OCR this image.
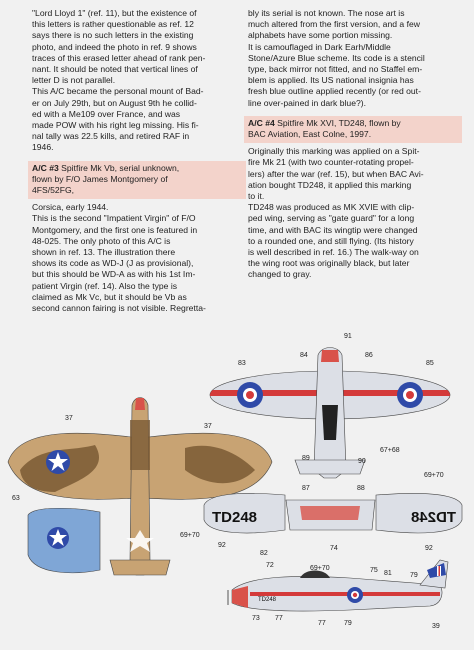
"Lord Lloyd 1" (ref. 11), but the existence of
this letters is rather questionable as ref. 12
says there is no such letters in the existing
photo, and indeed the photo in ref. 9 shows
traces of this erased letter ahead of rank pen-
nant. It should be noted that vertical lines of
letter D is not parallel.

This A/C became the personal mount of Bad-
er on July 29th, but on August 9th he collid-
ed with a Me109 over France, and was
made POW with his right leg missing. His fi-
nal tally was 22.5 kills, and retired RAF in
1946.

A/C #3 Spitfire Mk Vb, serial unknown,
flown by F/O James Montgomery of
4FS/52FG,

Corsica, early 1944.
This is the second "Impatient Virgin" of F/O
Montgomery, and the first one is featured in
48-025. The only photo of this A/C is
shown in ref. 13. The illustration there
shows its code as WD-J (J as provisional),
but this should be WD-A as with his 1st Im-
patient Virgin (ref. 14). Also the type is
claimed as Mk Vc, but it should be Vb as
second cannon fairing is not visible. Regretta-

bly its serial is not known. The nose art is
much altered from the first version, and a few
alphabets have some portion missing.
It is camouflaged in Dark Earh/Middle
Stone/Azure Blue scheme. Its code is a stencil
type, back mirror not fitted, and no Staffel em-
blem is applied. Its US national insignia has
fresh blue outline applied recently (or red out-
line over-pained in dark blue?).

A/C #4 Spitfire Mk XVI, TD248, flown by
BAC Aviation, East Colne, 1997.

Originally this marking was applied on a Spit-
fire Mk 21 (with two counter-rotating propel-
lers) after the war (ref. 15), but when BAC Avi-
ation bought TD248, it applied this marking
to it.

TD248 was produced as MK XVIE with clip-
ped wing, serving as "gate guard" for a long
time, and with BAC its wingtip were changed
to a rounded one, and still flying. (Its history
is well described in ref. 16.) The walk-way on
the wing root was originally black, but later
changed to gray.

TD248	TD248
TD248
37
37
63
69+70
91
83
84	86
85
89	90
67+68
69+70
87	88
92	74	92
82
72	69+70	75 81	79
73 77
77	79	39
